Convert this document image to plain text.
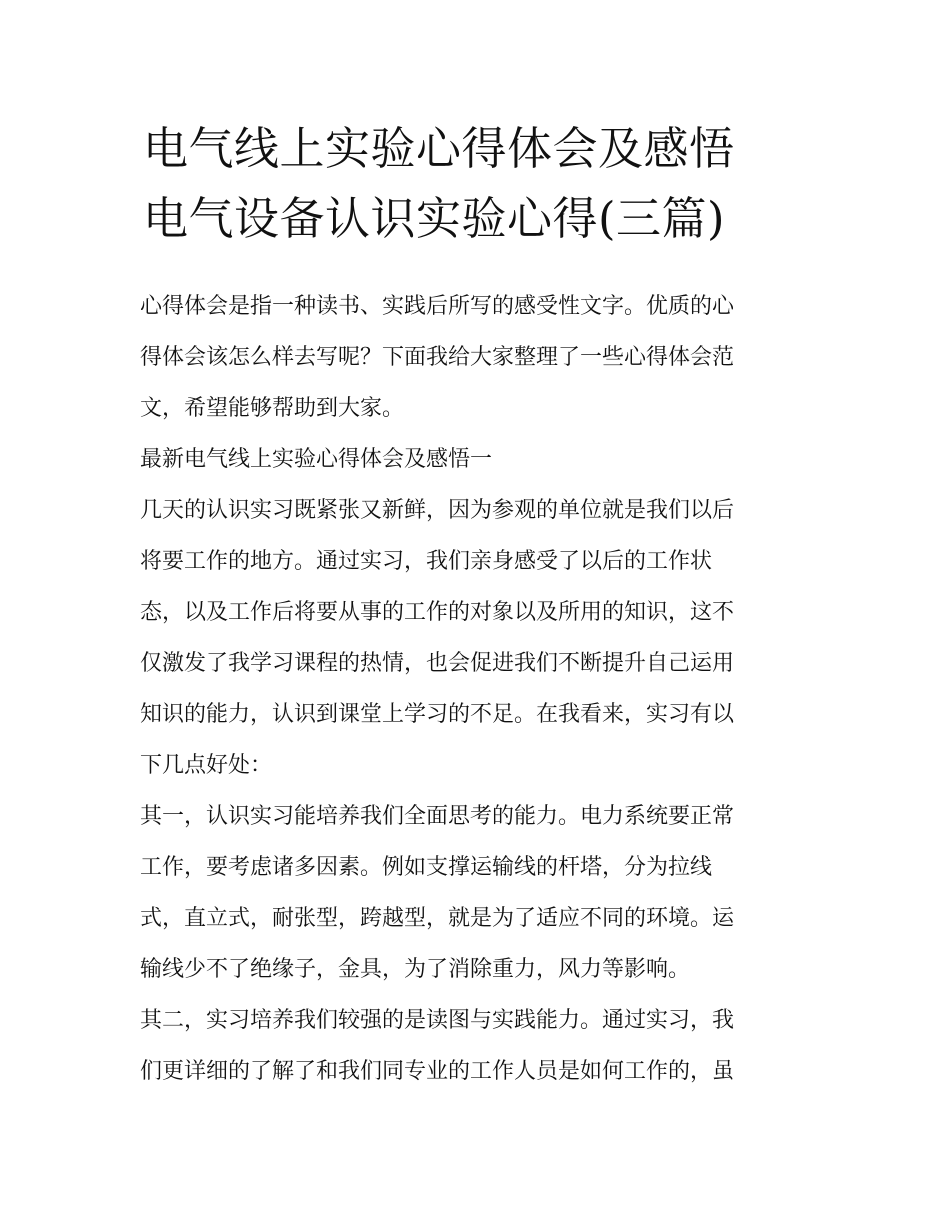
电气线上实验心得体会及感悟
电气设备认识实验心得(三篇)

心得体会是指一种读书、实践后所写的感受性文字。优质的心
得体会该怎么样去写呢？下面我给大家整理了一些心得体会范
文，希望能够帮助到大家。

最新电气线上实验心得体会及感悟一

几天的认识实习既紧张又新鲜，因为参观的单位就是我们以后
将要工作的地方。通过实习，我们亲身感受了以后的工作状
态，以及工作后将要从事的工作的对象以及所用的知识，这不
仅激发了我学习课程的热情，也会促进我们不断提升自己运用
知识的能力，认识到课堂上学习的不足。在我看来，实习有以
下几点好处：

其一，认识实习能培养我们全面思考的能力。电力系统要正常
工作，要考虑诸多因素。例如支撑运输线的杆塔，分为拉线
式，直立式，耐张型，跨越型，就是为了适应不同的环境。运
输线少不了绝缘子，金具，为了消除重力，风力等影响。

其二，实习培养我们较强的是读图与实践能力。通过实习，我
们更详细的了解了和我们同专业的工作人员是如何工作的，虽
